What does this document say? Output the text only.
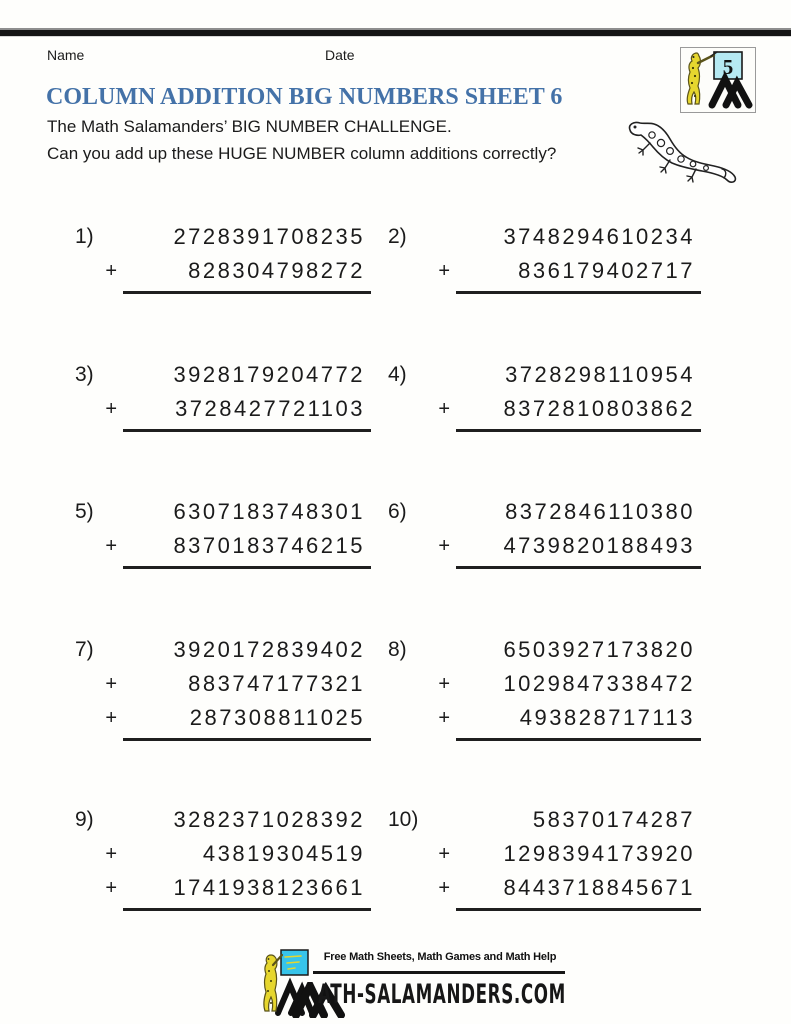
Name	Date	5
COLUMN ADDITION BIG NUMBERS SHEET 6

The Math Salamanders’ BIG NUMBER CHALLENGE.

Can you add up these HUGE NUMBER column additions correctly?

1)	2728391708235
+	828304798272
2)	3748294610234
+	836179402717
3)	3928179204772
+	3728427721103
4)	3728298110954
+	8372810803862
5)	6307183748301
+	8370183746215
6)	8372846110380
+	4739820188493
7)	3920172839402
+	883747177321
+	287308811025
8)	6503927173820
+	1029847338472
+	493828717113
9)	3282371028392
+	43819304519
+	1741938123661
10)	58370174287
+	1298394173920
+	8443718845671
Free Math Sheets, Math Games and Math Help
ATH-SALAMANDERS.COM
